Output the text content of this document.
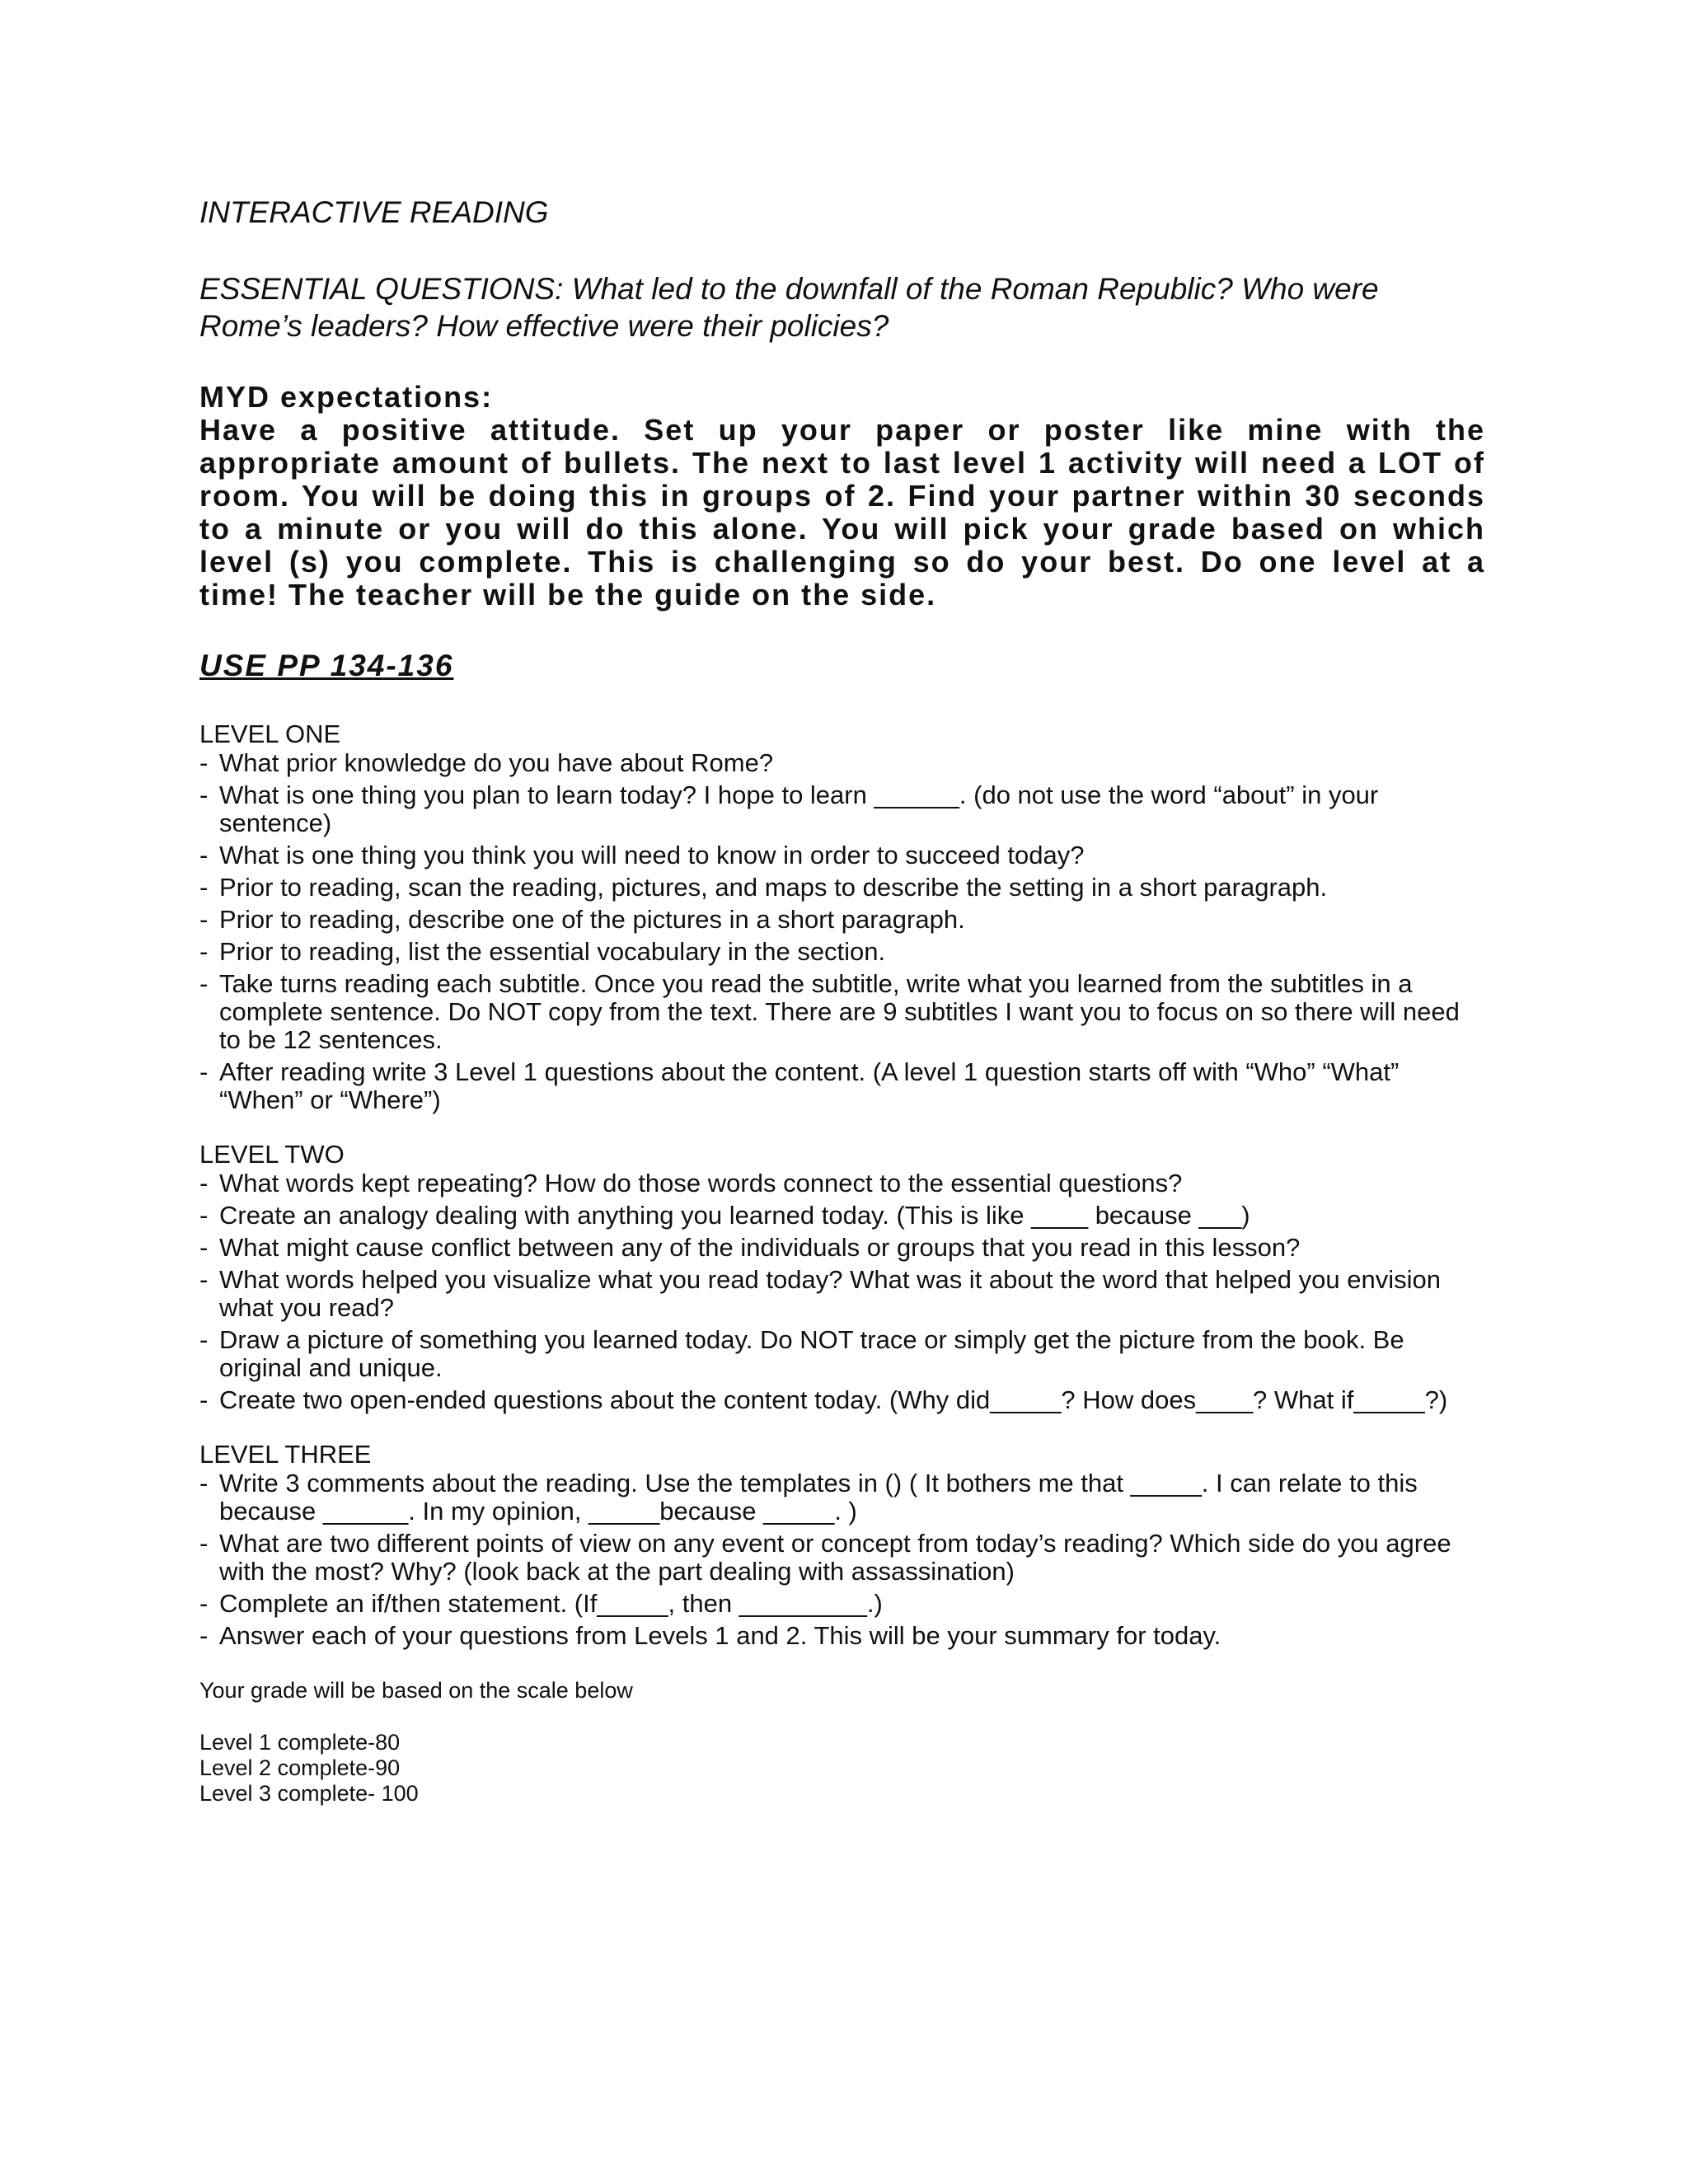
INTERACTIVE READING

ESSENTIAL QUESTIONS: What led to the downfall of the Roman Republic? Who were Rome’s leaders? How effective were their policies?

MYD expectations:

Have a positive attitude. Set up your paper or poster like mine with the appropriate amount of bullets. The next to last level 1 activity will need a LOT of room. You will be doing this in groups of 2. Find your partner within 30 seconds to a minute or you will do this alone. You will pick your grade based on which level (s) you complete. This is challenging so do your best. Do one level at a time! The teacher will be the guide on the side.

USE PP 134-136

LEVEL ONE

- What prior knowledge do you have about Rome?
- What is one thing you plan to learn today? I hope to learn ______. (do not use the word “about” in your sentence)
- What is one thing you think you will need to know in order to succeed today?
- Prior to reading, scan the reading, pictures, and maps to describe the setting in a short paragraph.
- Prior to reading, describe one of the pictures in a short paragraph.
- Prior to reading, list the essential vocabulary in the section.
- Take turns reading each subtitle. Once you read the subtitle, write what you learned from the subtitles in a complete sentence. Do NOT copy from the text. There are 9 subtitles I want you to focus on so there will need to be 12 sentences.
- After reading write 3 Level 1 questions about the content. (A level 1 question starts off with “Who” “What” “When” or “Where”)

LEVEL TWO

- What words kept repeating? How do those words connect to the essential questions?
- Create an analogy dealing with anything you learned today. (This is like ____ because ___)
- What might cause conflict between any of the individuals or groups that you read in this lesson?
- What words helped you visualize what you read today? What was it about the word that helped you envision what you read?
- Draw a picture of something you learned today. Do NOT trace or simply get the picture from the book. Be original and unique.
- Create two open-ended questions about the content today. (Why did_____? How does____? What if_____?)

LEVEL THREE

- Write 3 comments about the reading. Use the templates in () ( It bothers me that _____. I can relate to this because ______. In my opinion, _____because _____. )
- What are two different points of view on any event or concept from today’s reading? Which side do you agree with the most? Why? (look back at the part dealing with assassination)
- Complete an if/then statement. (If_____, then _________.)
- Answer each of your questions from Levels 1 and 2. This will be your summary for today.

Your grade will be based on the scale below

Level 1 complete-80

Level 2 complete-90

Level 3 complete- 100
